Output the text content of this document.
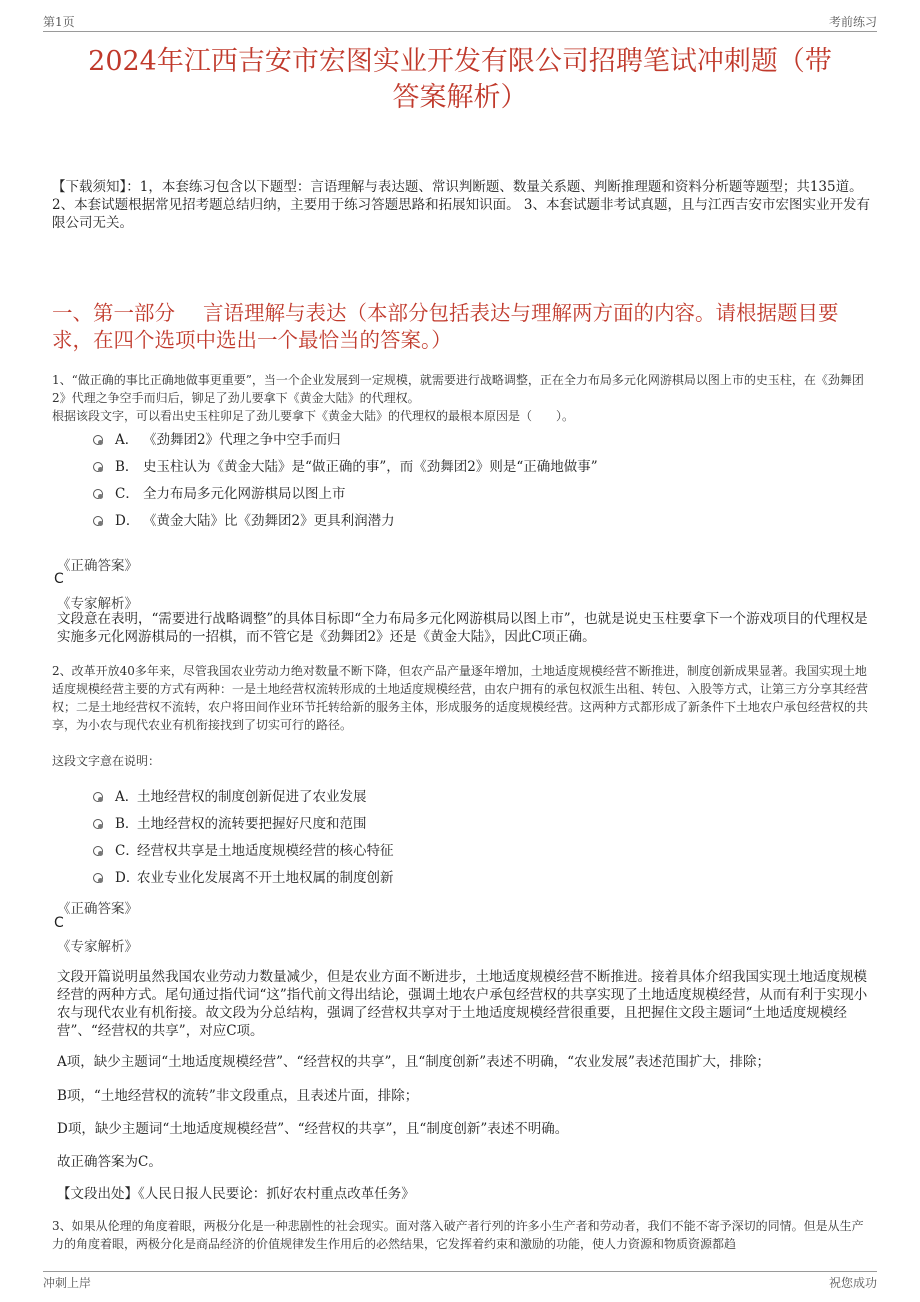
第1页	考前练习
2024年江西吉安市宏图实业开发有限公司招聘笔试冲刺题（带
答案解析）
【下载须知】：1，本套练习包含以下题型：言语理解与表达题、常识判断题、数量关系题、判断推理题和资料分析题等题型；共135道。 2、本套试题根据常见招考题总结归纳，主要用于练习答题思路和拓展知识面。 3、本套试题非考试真题，且与江西吉安市宏图实业开发有限公司无关。
一、第一部分 言语理解与表达（本部分包括表达与理解两方面的内容。请根据题目要求，在四个选项中选出一个最恰当的答案。）
1、“做正确的事比正确地做事更重要”，当一个企业发展到一定规模，就需要进行战略调整，正在全力布局多元化网游棋局以图上市的史玉柱，在《劲舞团2》代理之争空手而归后，铆足了劲儿要拿下《黄金大陆》的代理权。
根据该段文字，可以看出史玉柱卯足了劲儿要拿下《黄金大陆》的代理权的最根本原因是（　　）。
A． 《劲舞团2》代理之争中空手而归
B． 史玉柱认为《黄金大陆》是“做正确的事”，而《劲舞团2》则是“正确地做事”
C． 全力布局多元化网游棋局以图上市
D． 《黄金大陆》比《劲舞团2》更具利润潜力
《正确答案》
C
《专家解析》
文段意在表明，“需要进行战略调整”的具体目标即“全力布局多元化网游棋局以图上市”，也就是说史玉柱要拿下一个游戏项目的代理权是实施多元化网游棋局的一招棋，而不管它是《劲舞团2》还是《黄金大陆》，因此C项正确。
2、改革开放40多年来，尽管我国农业劳动力绝对数量不断下降，但农产品产量逐年增加，土地适度规模经营不断推进，制度创新成果显著。我国实现土地适度规模经营主要的方式有两种：一是土地经营权流转形成的土地适度规模经营，由农户拥有的承包权派生出租、转包、入股等方式，让第三方分享其经营权；二是土地经营权不流转，农户将田间作业环节托转给新的服务主体，形成服务的适度规模经营。这两种方式都形成了新条件下土地农户承包经营权的共享，为小农与现代农业有机衔接找到了切实可行的路径。
这段文字意在说明：
A．
土地经营权的制度创新促进了农业发展
B．
土地经营权的流转要把握好尺度和范围
C．
经营权共享是土地适度规模经营的核心特征
D．
农业专业化发展离不开土地权属的制度创新
《正确答案》
C
《专家解析》
文段开篇说明虽然我国农业劳动力数量减少，但是农业方面不断进步，土地适度规模经营不断推进。接着具体介绍我国实现土地适度规模经营的两种方式。尾句通过指代词“这”指代前文得出结论，强调土地农户承包经营权的共享实现了土地适度规模经营，从而有利于实现小农与现代农业有机衔接。故文段为分总结构，强调了经营权共享对于土地适度规模经营很重要，且把握住文段主题词“土地适度规模经营”、“经营权的共享”，对应C项。
A项，缺少主题词“土地适度规模经营”、“经营权的共享”，且“制度创新”表述不明确，“农业发展”表述范围扩大，排除；
B项，“土地经营权的流转”非文段重点，且表述片面，排除；
D项，缺少主题词“土地适度规模经营”、“经营权的共享”，且“制度创新”表述不明确。
故正确答案为C。
【文段出处】《人民日报人民要论：抓好农村重点改革任务》
3、如果从伦理的角度着眼，两极分化是一种悲剧性的社会现实。面对落入破产者行列的许多小生产者和劳动者，我们不能不寄予深切的同情。但是从生产力的角度着眼，两极分化是商品经济的价值规律发生作用后的必然结果，它发挥着约束和激励的功能，使人力资源和物质资源都趋
冲刺上岸	祝您成功
